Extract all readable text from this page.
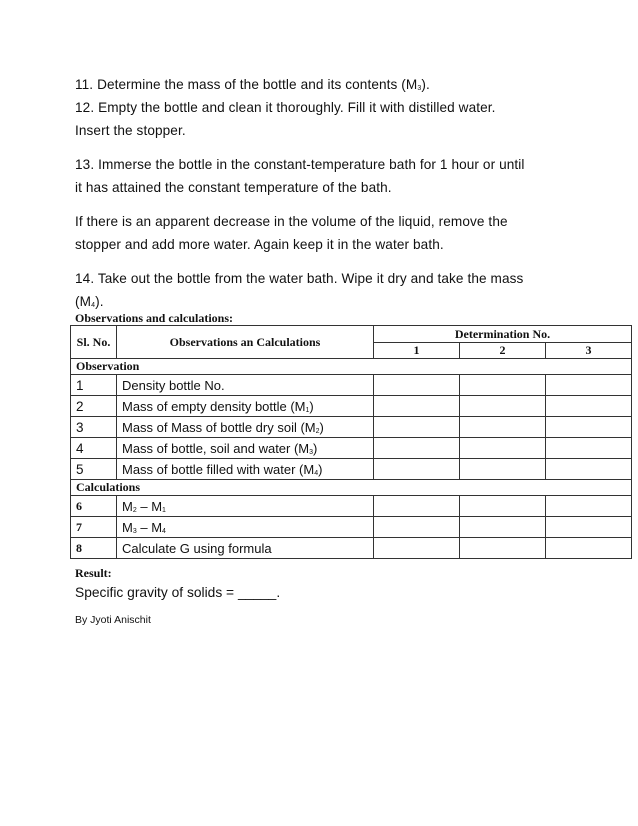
11. Determine the mass of the bottle and its contents (M3).

12. Empty the bottle and clean it thoroughly. Fill it with distilled water.
Insert the stopper.

13. Immerse the bottle in the constant-temperature bath for 1 hour or until
it has attained the constant temperature of the bath.

If there is an apparent decrease in the volume of the liquid, remove the
stopper and add more water. Again keep it in the water bath.

14. Take out the bottle from the water bath. Wipe it dry and take the mass
(M4).

Observations and calculations:
Sl. No.	Observations an Calculations	Determination No.		
		1	2	3
Observation				
1	Density bottle No.			
2	Mass of empty density bottle (M1)			
3	Mass of Mass of bottle dry soil (M2)			
4	Mass of bottle, soil and water (M3)			
5	Mass of bottle filled with water (M4)			
Calculations				
6	M2 – M1			
7	M3 – M4			
8	Calculate G using formula			
Result:
Specific gravity of solids = _____.
By Jyoti Anischit
